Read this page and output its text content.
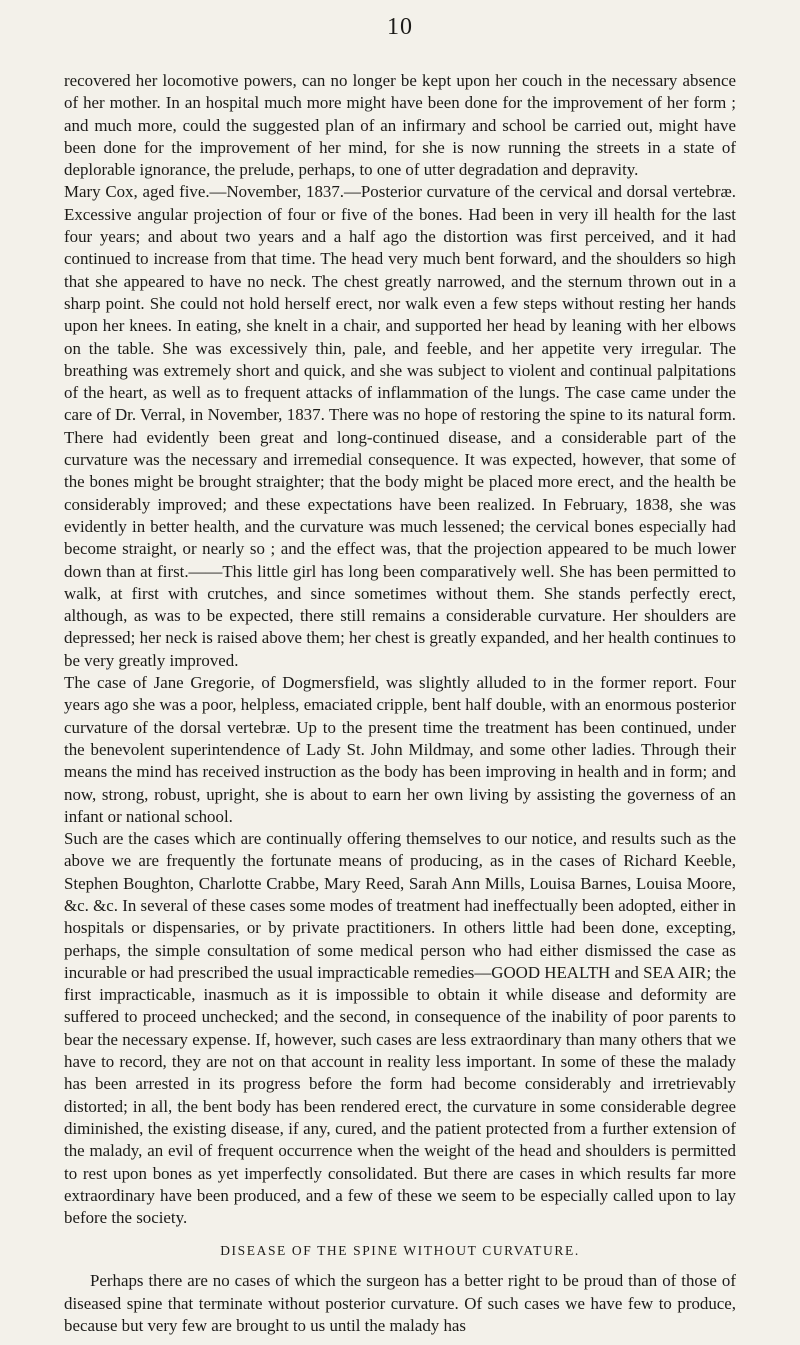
10

recovered her locomotive powers, can no longer be kept upon her couch in the necessary absence of her mother. In an hospital much more might have been done for the improvement of her form ; and much more, could the suggested plan of an infirmary and school be carried out, might have been done for the improvement of her mind, for she is now running the streets in a state of deplorable ignorance, the prelude, perhaps, to one of utter degradation and depravity.

Mary Cox, aged five.—November, 1837.—Posterior curvature of the cervical and dorsal vertebræ. Excessive angular projection of four or five of the bones. Had been in very ill health for the last four years; and about two years and a half ago the distortion was first perceived, and it had continued to increase from that time. The head very much bent forward, and the shoulders so high that she appeared to have no neck. The chest greatly narrowed, and the sternum thrown out in a sharp point. She could not hold herself erect, nor walk even a few steps without resting her hands upon her knees. In eating, she knelt in a chair, and supported her head by leaning with her elbows on the table. She was excessively thin, pale, and feeble, and her appetite very irregular. The breathing was extremely short and quick, and she was subject to violent and continual palpitations of the heart, as well as to frequent attacks of inflammation of the lungs. The case came under the care of Dr. Verral, in November, 1837. There was no hope of restoring the spine to its natural form. There had evidently been great and long-continued disease, and a considerable part of the curvature was the necessary and irremedial consequence. It was expected, however, that some of the bones might be brought straighter; that the body might be placed more erect, and the health be considerably improved; and these expectations have been realized. In February, 1838, she was evidently in better health, and the curvature was much lessened; the cervical bones especially had become straight, or nearly so ; and the effect was, that the projection appeared to be much lower down than at first.——This little girl has long been comparatively well. She has been permitted to walk, at first with crutches, and since sometimes without them. She stands perfectly erect, although, as was to be expected, there still remains a considerable curvature. Her shoulders are depressed; her neck is raised above them; her chest is greatly expanded, and her health continues to be very greatly improved.

The case of Jane Gregorie, of Dogmersfield, was slightly alluded to in the former report. Four years ago she was a poor, helpless, emaciated cripple, bent half double, with an enormous posterior curvature of the dorsal vertebræ. Up to the present time the treatment has been continued, under the benevolent superintendence of Lady St. John Mildmay, and some other ladies. Through their means the mind has received instruction as the body has been improving in health and in form; and now, strong, robust, upright, she is about to earn her own living by assisting the governess of an infant or national school.

Such are the cases which are continually offering themselves to our notice, and results such as the above we are frequently the fortunate means of producing, as in the cases of Richard Keeble, Stephen Boughton, Charlotte Crabbe, Mary Reed, Sarah Ann Mills, Louisa Barnes, Louisa Moore, &c. &c. In several of these cases some modes of treatment had ineffectually been adopted, either in hospitals or dispensaries, or by private practitioners. In others little had been done, excepting, perhaps, the simple consultation of some medical person who had either dismissed the case as incurable or had prescribed the usual impracticable remedies—GOOD HEALTH and SEA AIR; the first impracticable, inasmuch as it is impossible to obtain it while disease and deformity are suffered to proceed unchecked; and the second, in consequence of the inability of poor parents to bear the necessary expense. If, however, such cases are less extraordinary than many others that we have to record, they are not on that account in reality less important. In some of these the malady has been arrested in its progress before the form had become considerably and irretrievably distorted; in all, the bent body has been rendered erect, the curvature in some considerable degree diminished, the existing disease, if any, cured, and the patient protected from a further extension of the malady, an evil of frequent occurrence when the weight of the head and shoulders is permitted to rest upon bones as yet imperfectly consolidated. But there are cases in which results far more extraordinary have been produced, and a few of these we seem to be especially called upon to lay before the society.

DISEASE OF THE SPINE WITHOUT CURVATURE.

Perhaps there are no cases of which the surgeon has a better right to be proud than of those of diseased spine that terminate without posterior curvature. Of such cases we have few to produce, because but very few are brought to us until the malady has
